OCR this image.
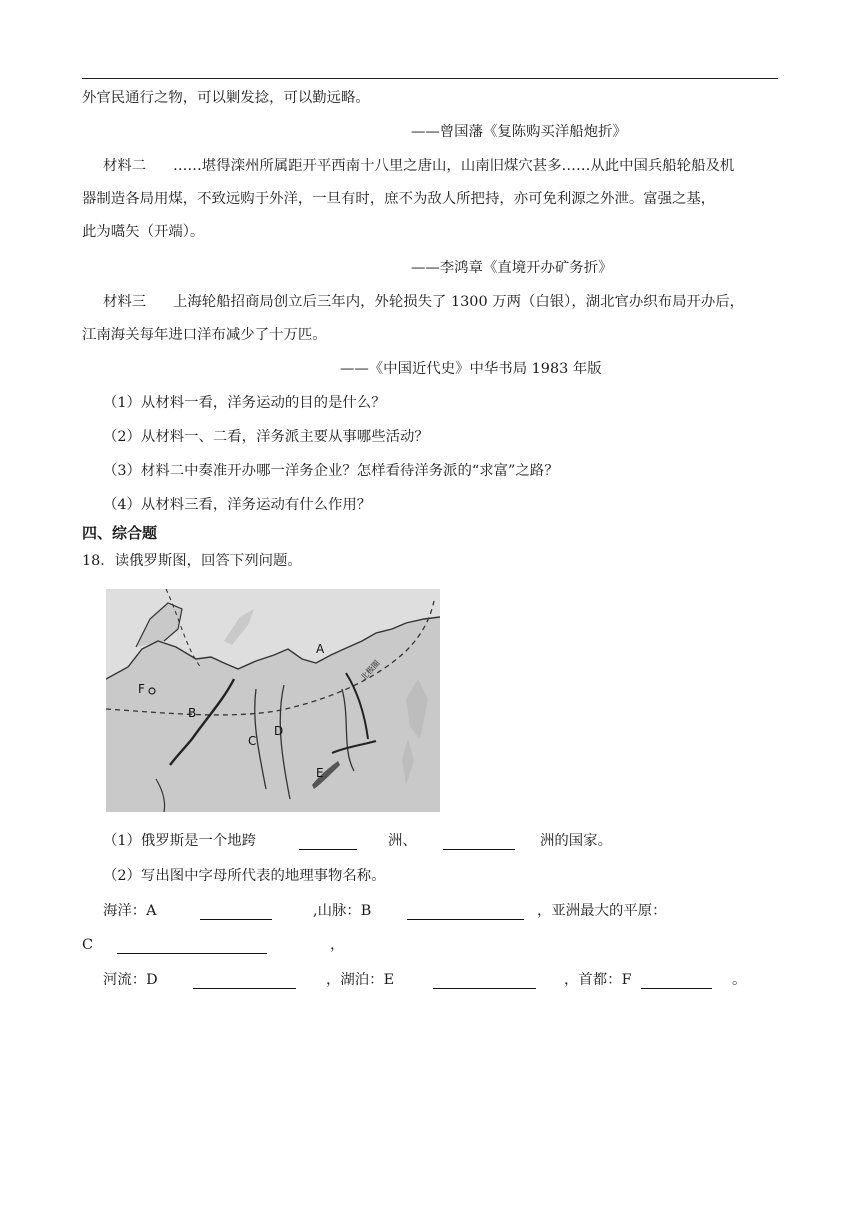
外官民通行之物，可以剿发捻，可以勤远略。
——曾国藩《复陈购买洋船炮折》
材料二 ……堪得滦州所属距开平西南十八里之唐山，山南旧煤穴甚多……从此中国兵船轮船及机
器制造各局用煤，不致远购于外洋，一旦有时，庶不为敌人所把持，亦可免利源之外泄。富强之基，
此为嚆矢（开端）。
——李鸿章《直境开办矿务折》
材料三 上海轮船招商局创立后三年内，外轮损失了 1300 万两（白银），湖北官办织布局开办后，
江南海关每年进口洋布减少了十万匹。
——《中国近代史》中华书局 1983 年版
（1）从材料一看，洋务运动的目的是什么？
（2）从材料一、二看，洋务派主要从事哪些活动？
（3）材料二中奏准开办哪一洋务企业？怎样看待洋务派的“求富”之路？
（4）从材料三看，洋务运动有什么作用？
四、综合题
18．读俄罗斯图，回答下列问题。
A
B
C
D
E
F
北极圈
（1）俄罗斯是一个地跨	洲、	洲的国家。
（2）写出图中字母所代表的地理事物名称。
海洋：A	,山脉：B	，亚洲最大的平原：
C	，
河流：D	，湖泊：E	，首都：F	。
